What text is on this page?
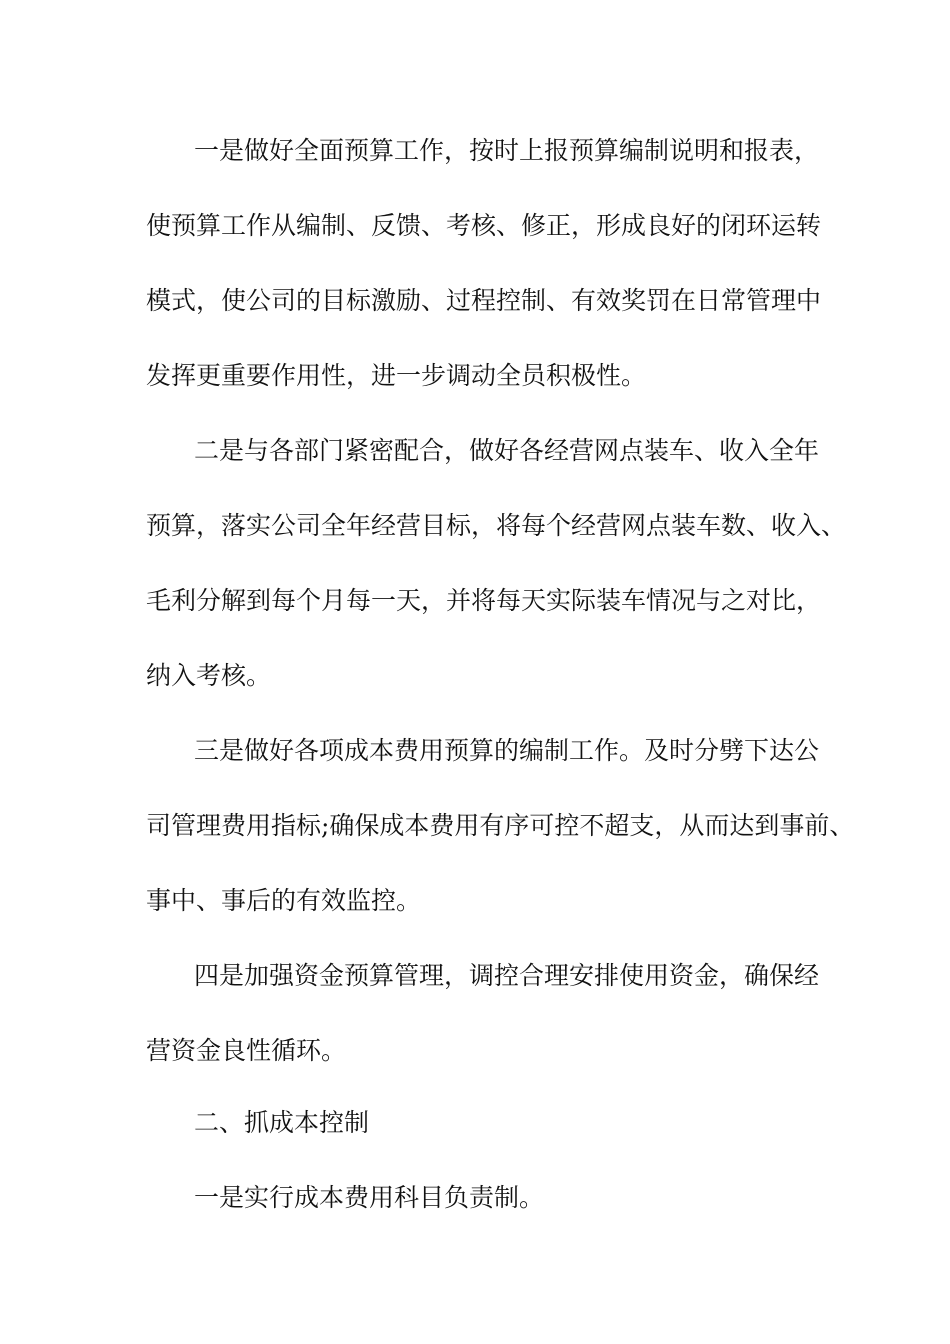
一是做好全面预算工作，按时上报预算编制说明和报表，

使预算工作从编制、反馈、考核、修正，形成良好的闭环运转

模式，使公司的目标激励、过程控制、有效奖罚在日常管理中

发挥更重要作用性，进一步调动全员积极性。

二是与各部门紧密配合，做好各经营网点装车、收入全年

预算，落实公司全年经营目标，将每个经营网点装车数、收入、

毛利分解到每个月每一天，并将每天实际装车情况与之对比，

纳入考核。

三是做好各项成本费用预算的编制工作。及时分劈下达公

司管理费用指标;确保成本费用有序可控不超支，从而达到事前、

事中、事后的有效监控。

四是加强资金预算管理，调控合理安排使用资金，确保经

营资金良性循环。

二、抓成本控制

一是实行成本费用科目负责制。
